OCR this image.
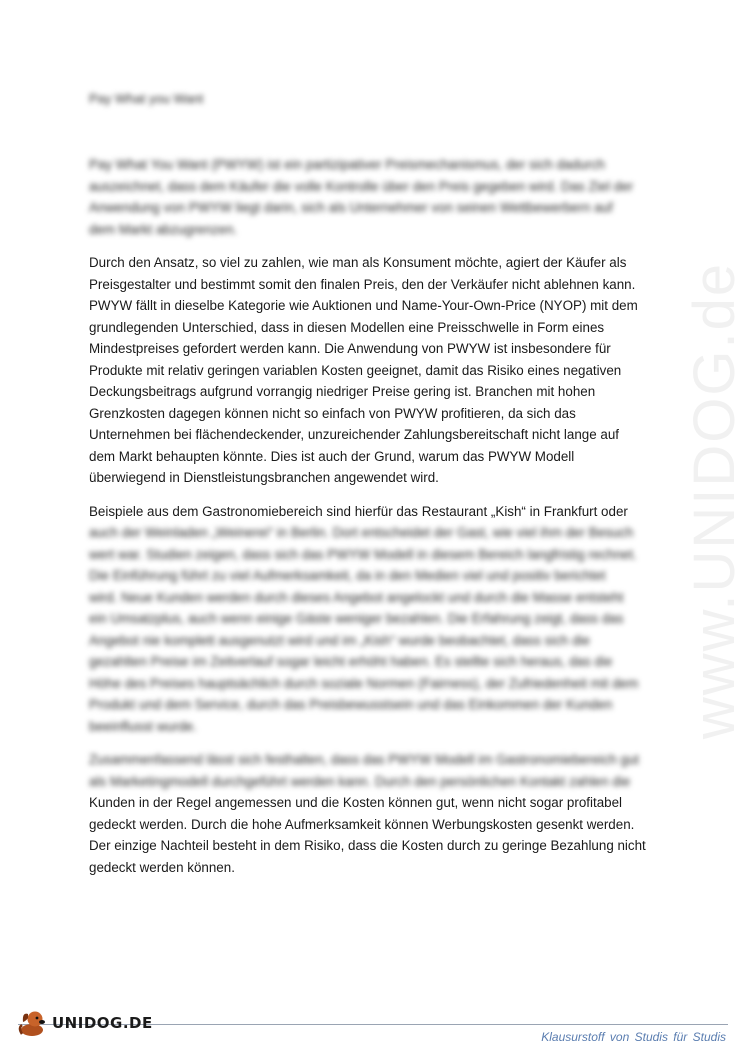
Pay What you Want

Pay What You Want (PWYW) ist ein partizipativer Preismechanismus, der sich dadurch
auszeichnet, dass dem Käufer die volle Kontrolle über den Preis gegeben wird. Das Ziel der
Anwendung von PWYW liegt darin, sich als Unternehmer von seinen Wettbewerbern auf
dem Markt abzugrenzen.

Durch den Ansatz, so viel zu zahlen, wie man als Konsument möchte, agiert der Käufer als
Preisgestalter und bestimmt somit den finalen Preis, den der Verkäufer nicht ablehnen kann.
PWYW fällt in dieselbe Kategorie wie Auktionen und Name-Your-Own-Price (NYOP) mit dem
grundlegenden Unterschied, dass in diesen Modellen eine Preisschwelle in Form eines
Mindestpreises gefordert werden kann. Die Anwendung von PWYW ist insbesondere für
Produkte mit relativ geringen variablen Kosten geeignet, damit das Risiko eines negativen
Deckungsbeitrags aufgrund vorrangig niedriger Preise gering ist. Branchen mit hohen
Grenzkosten dagegen können nicht so einfach von PWYW profitieren, da sich das
Unternehmen bei flächendeckender, unzureichender Zahlungsbereitschaft nicht lange auf
dem Markt behaupten könnte. Dies ist auch der Grund, warum das PWYW Modell
überwiegend in Dienstleistungsbranchen angewendet wird.

Beispiele aus dem Gastronomiebereich sind hierfür das Restaurant „Kish“ in Frankfurt oder
auch der Weinladen „Weinerei“ in Berlin. Dort entscheidet der Gast, wie viel ihm der Besuch
wert war. Studien zeigen, dass sich das PWYW Modell in diesem Bereich langfristig rechnet.
Die Einführung führt zu viel Aufmerksamkeit, da in den Medien viel und positiv berichtet
wird. Neue Kunden werden durch dieses Angebot angelockt und durch die Masse entsteht
ein Umsatzplus, auch wenn einige Gäste weniger bezahlen. Die Erfahrung zeigt, dass das
Angebot nie komplett ausgenutzt wird und im „Kish“ wurde beobachtet, dass sich die
gezahlten Preise im Zeitverlauf sogar leicht erhöht haben. Es stellte sich heraus, das die
Höhe des Preises hauptsächlich durch soziale Normen (Fairness), der Zufriedenheit mit dem
Produkt und dem Service, durch das Preisbewusstsein und das Einkommen der Kunden
beeinflusst wurde.

Zusammenfassend lässt sich festhalten, dass das PWYW Modell im Gastronomiebereich gut
als Marketingmodell durchgeführt werden kann. Durch den persönlichen Kontakt zahlen die
Kunden in der Regel angemessen und die Kosten können gut, wenn nicht sogar profitabel
gedeckt werden. Durch die hohe Aufmerksamkeit können Werbungskosten gesenkt werden.
Der einzige Nachteil besteht in dem Risiko, dass die Kosten durch zu geringe Bezahlung nicht
gedeckt werden können.

www.UNIDOG.de
UNIDOG.DE
Klausurstoff von Studis für Studis
